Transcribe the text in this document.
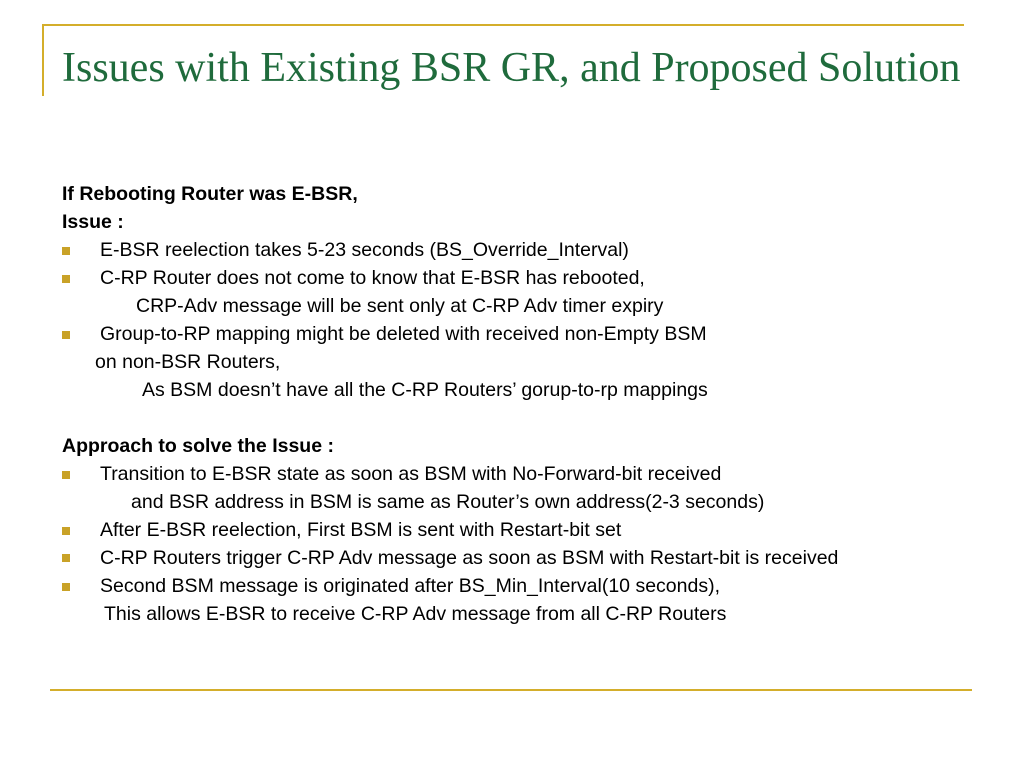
Issues with Existing BSR GR, and Proposed Solution
If Rebooting Router was E-BSR,
Issue :
E-BSR reelection takes 5-23 seconds (BS_Override_Interval)
C-RP Router does not come to know that E-BSR has rebooted,
CRP-Adv message will be sent only at C-RP Adv timer expiry
Group-to-RP mapping might be deleted with received non-Empty BSM
on non-BSR Routers,
As BSM doesn’t have all the C-RP Routers’ gorup-to-rp mappings
Approach to solve the Issue :
Transition to E-BSR state as soon as BSM with No-Forward-bit received
and BSR address in BSM is same as Router’s own address(2-3 seconds)
After E-BSR reelection, First BSM is sent with Restart-bit set
C-RP Routers trigger C-RP Adv message as soon as BSM with Restart-bit is received
Second BSM message is originated after BS_Min_Interval(10 seconds),
This allows E-BSR to receive C-RP Adv message from all C-RP Routers
